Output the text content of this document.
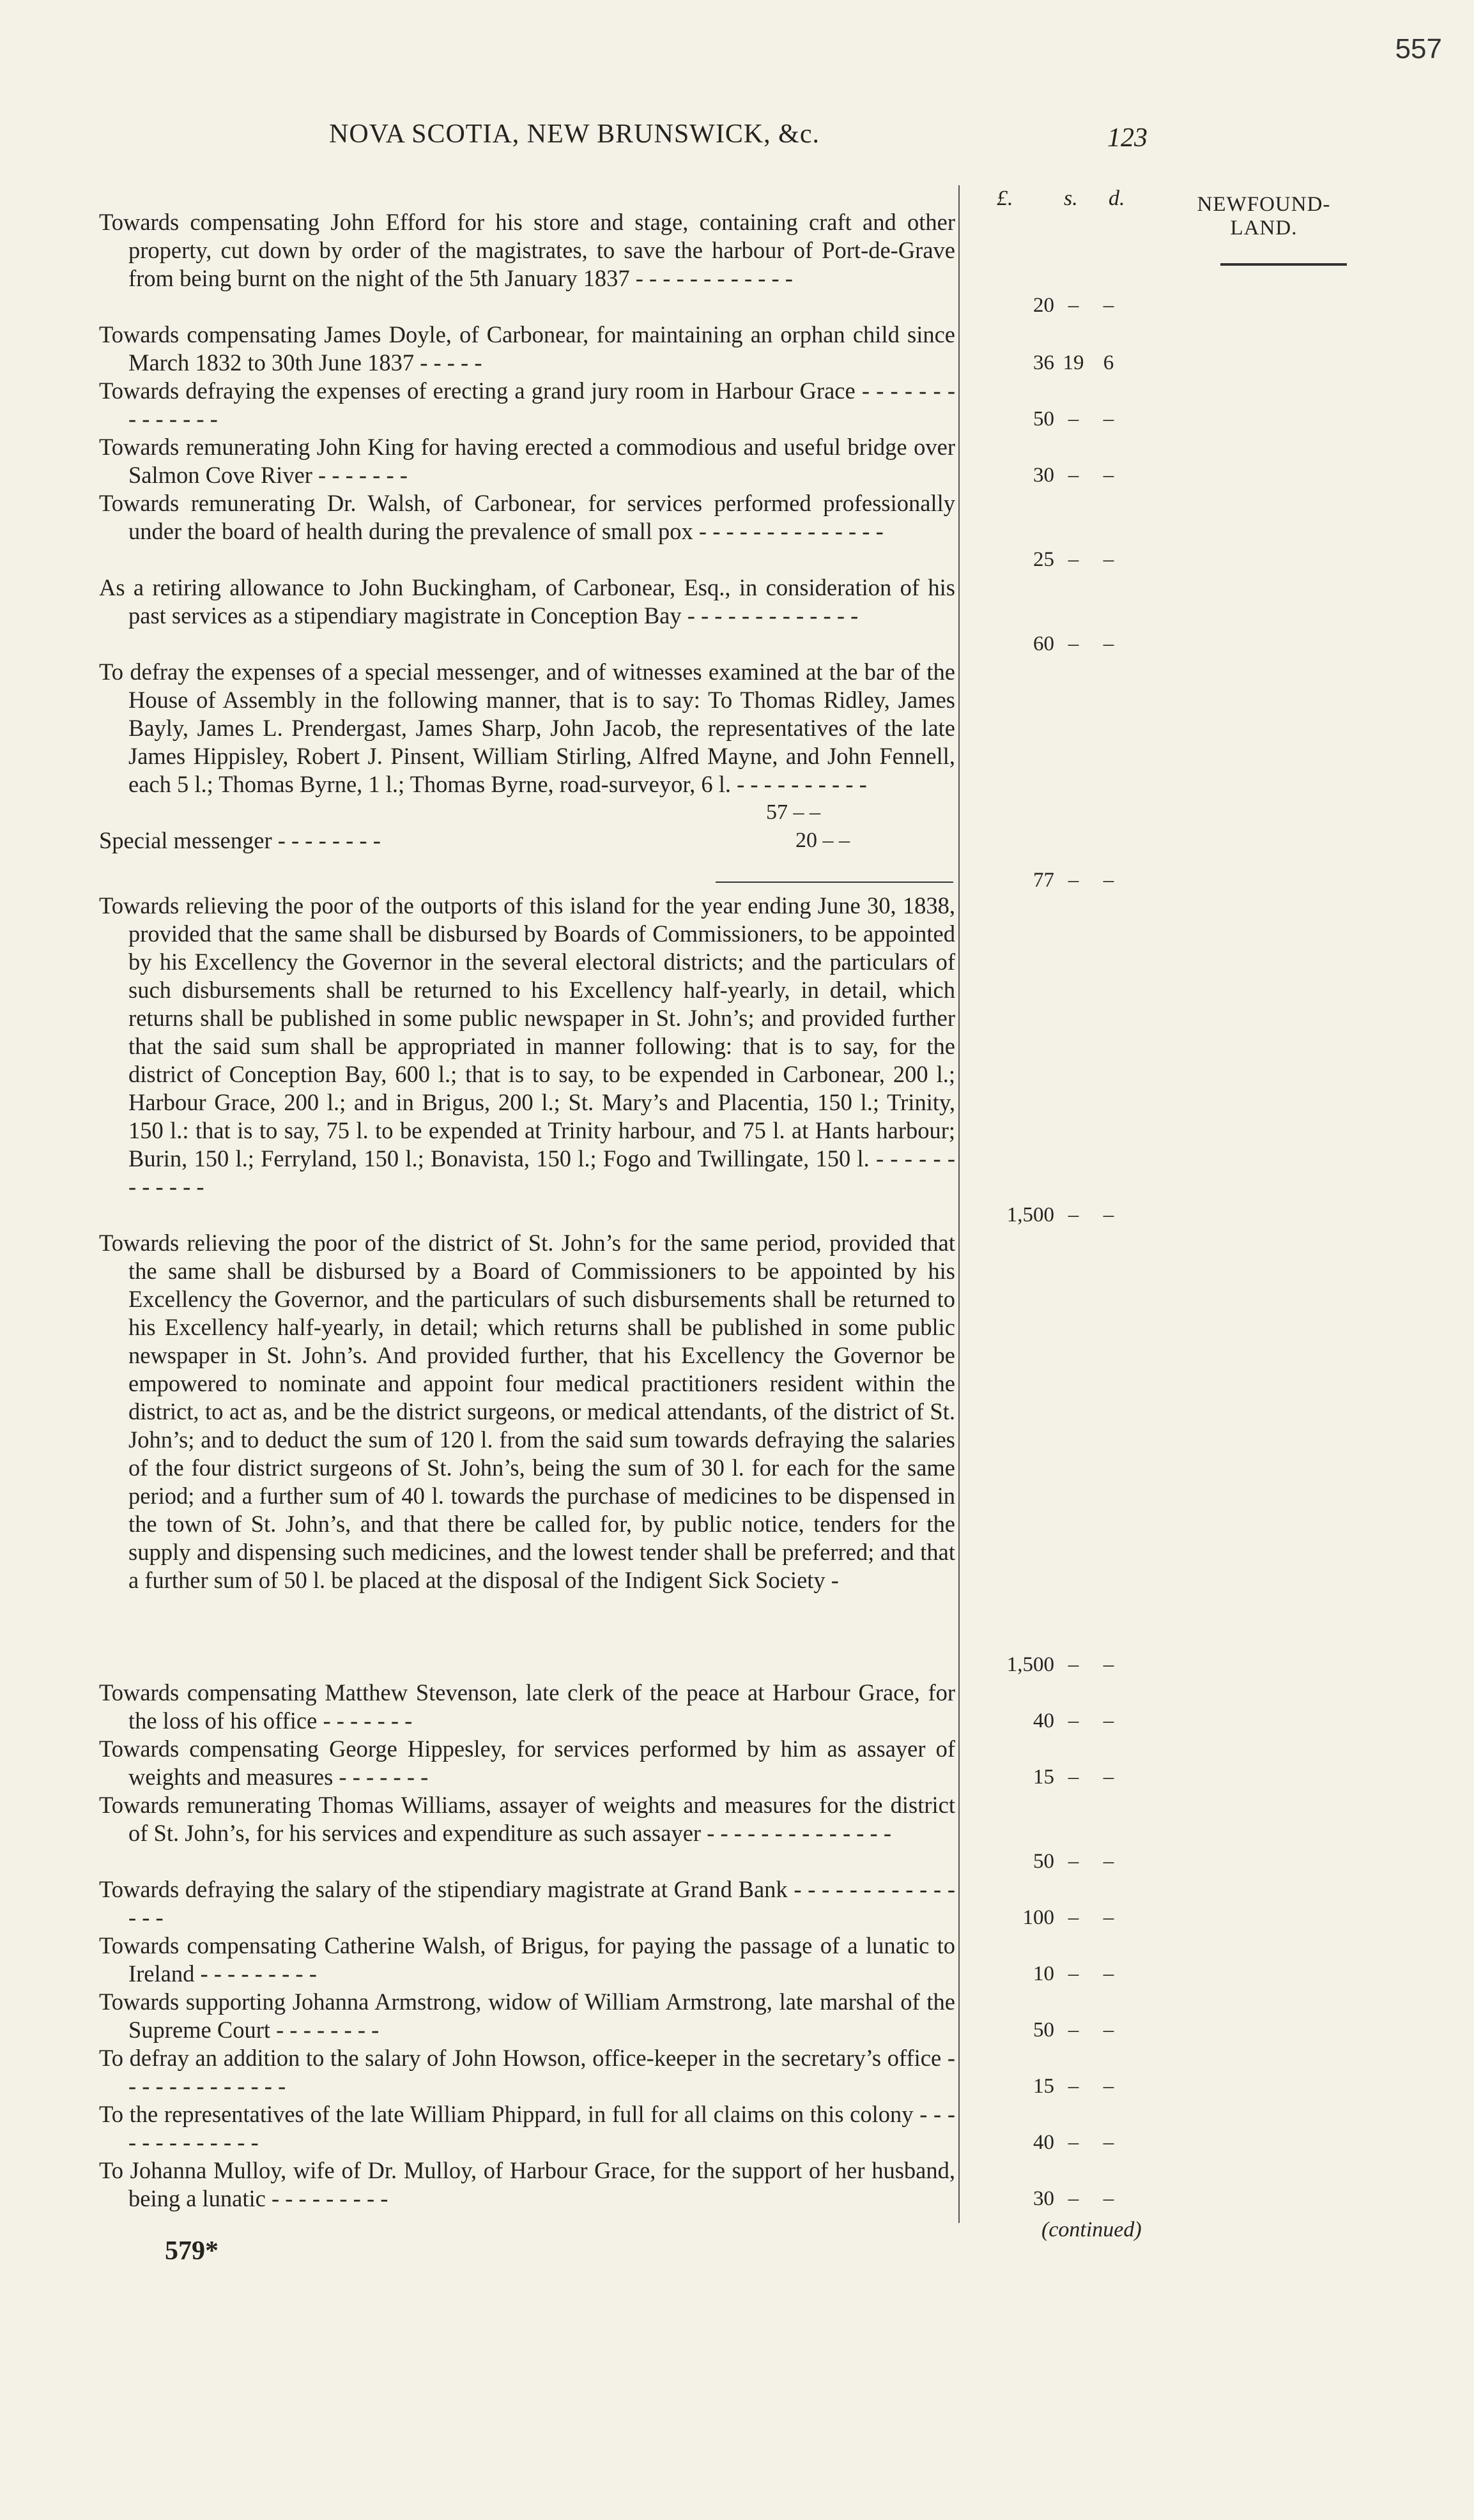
557
NOVA SCOTIA, NEW BRUNSWICK, &c.	123
NEWFOUND-LAND.
£. s. d.
Towards compensating John Efford for his store and stage, containing craft and other property, cut down by order of the magistrates, to save the harbour of Port-de-Grave from being burnt on the night of the 5th January 1837 - - - - - - - - - - - -
20 –	–
Towards compensating James Doyle, of Carbonear, for maintaining an orphan child since March 1832 to 30th June 1837 - - - - -	36 19 6
Towards defraying the expenses of erecting a grand jury room in Harbour Grace - - - - - - - - - - - - - -	50 –	–
Towards remunerating John King for having erected a commodious and useful bridge over Salmon Cove River - - - - - - -	30 –	–
Towards remunerating Dr. Walsh, of Carbonear, for services performed professionally under the board of health during the prevalence of small pox - - - - - - - - - - - - - -
25 –	–
As a retiring allowance to John Buckingham, of Carbonear, Esq., in consideration of his past services as a stipendiary magistrate in Conception Bay - - - - - - - - - - - - -
60 –	–
To defray the expenses of a special messenger, and of witnesses examined at the bar of the House of Assembly in the following manner, that is to say: To Thomas Ridley, James Bayly, James L. Prendergast, James Sharp, John Jacob, the representatives of the late James Hippisley, Robert J. Pinsent, William Stirling, Alfred Mayne, and John Fennell, each 5 l.; Thomas Byrne, 1 l.; Thomas Byrne, road-surveyor, 6 l. - - - - - - - - - -
57 – –
Special messenger - - - - - - - -	20 – –
77 –	–
Towards relieving the poor of the outports of this island for the year ending June 30, 1838, provided that the same shall be disbursed by Boards of Commissioners, to be appointed by his Excellency the Governor in the several electoral districts; and the particulars of such disbursements shall be returned to his Excellency half-yearly, in detail, which returns shall be published in some public newspaper in St. John’s; and provided further that the said sum shall be appropriated in manner following: that is to say, for the district of Conception Bay, 600 l.; that is to say, to be expended in Carbonear, 200 l.; Harbour Grace, 200 l.; and in Brigus, 200 l.; St. Mary’s and Placentia, 150 l.; Trinity, 150 l.: that is to say, 75 l. to be expended at Trinity harbour, and 75 l. at Hants harbour; Burin, 150 l.; Ferryland, 150 l.; Bonavista, 150 l.; Fogo and Twillingate, 150 l. - - - - - - - - - - - -
1,500 –	–
Towards relieving the poor of the district of St. John’s for the same period, provided that the same shall be disbursed by a Board of Commissioners to be appointed by his Excellency the Governor, and the particulars of such disbursements shall be returned to his Excellency half-yearly, in detail; which returns shall be published in some public newspaper in St. John’s. And provided further, that his Excellency the Governor be empowered to nominate and appoint four medical practitioners resident within the district, to act as, and be the district surgeons, or medical attendants, of the district of St. John’s; and to deduct the sum of 120 l. from the said sum towards defraying the salaries of the four district surgeons of St. John’s, being the sum of 30 l. for each for the same period; and a further sum of 40 l. towards the purchase of medicines to be dispensed in the town of St. John’s, and that there be called for, by public notice, tenders for the supply and dispensing such medicines, and the lowest tender shall be preferred; and that a further sum of 50 l. be placed at the disposal of the Indigent Sick Society -
1,500 –	–
Towards compensating Matthew Stevenson, late clerk of the peace at Harbour Grace, for the loss of his office - - - - - - -	40 –	–
Towards compensating George Hippesley, for services performed by him as assayer of weights and measures - - - - - - -	15 –	–
Towards remunerating Thomas Williams, assayer of weights and measures for the district of St. John’s, for his services and expenditure as such assayer - - - - - - - - - - - - - -
50 –	–
Towards defraying the salary of the stipendiary magistrate at Grand Bank - - - - - - - - - - - - - - -	100 –	–
Towards compensating Catherine Walsh, of Brigus, for paying the passage of a lunatic to Ireland - - - - - - - - -	10 –	–
Towards supporting Johanna Armstrong, widow of William Armstrong, late marshal of the Supreme Court - - - - - - - -	50 –	–
To defray an addition to the salary of John Howson, office-keeper in the secretary’s office - - - - - - - - - - - - -	15 –	–
To the representatives of the late William Phippard, in full for all claims on this colony - - - - - - - - - - - - -	40 –	–
To Johanna Mulloy, wife of Dr. Mulloy, of Harbour Grace, for the support of her husband, being a lunatic - - - - - - - - -	30 –	–
579*
(continued)
